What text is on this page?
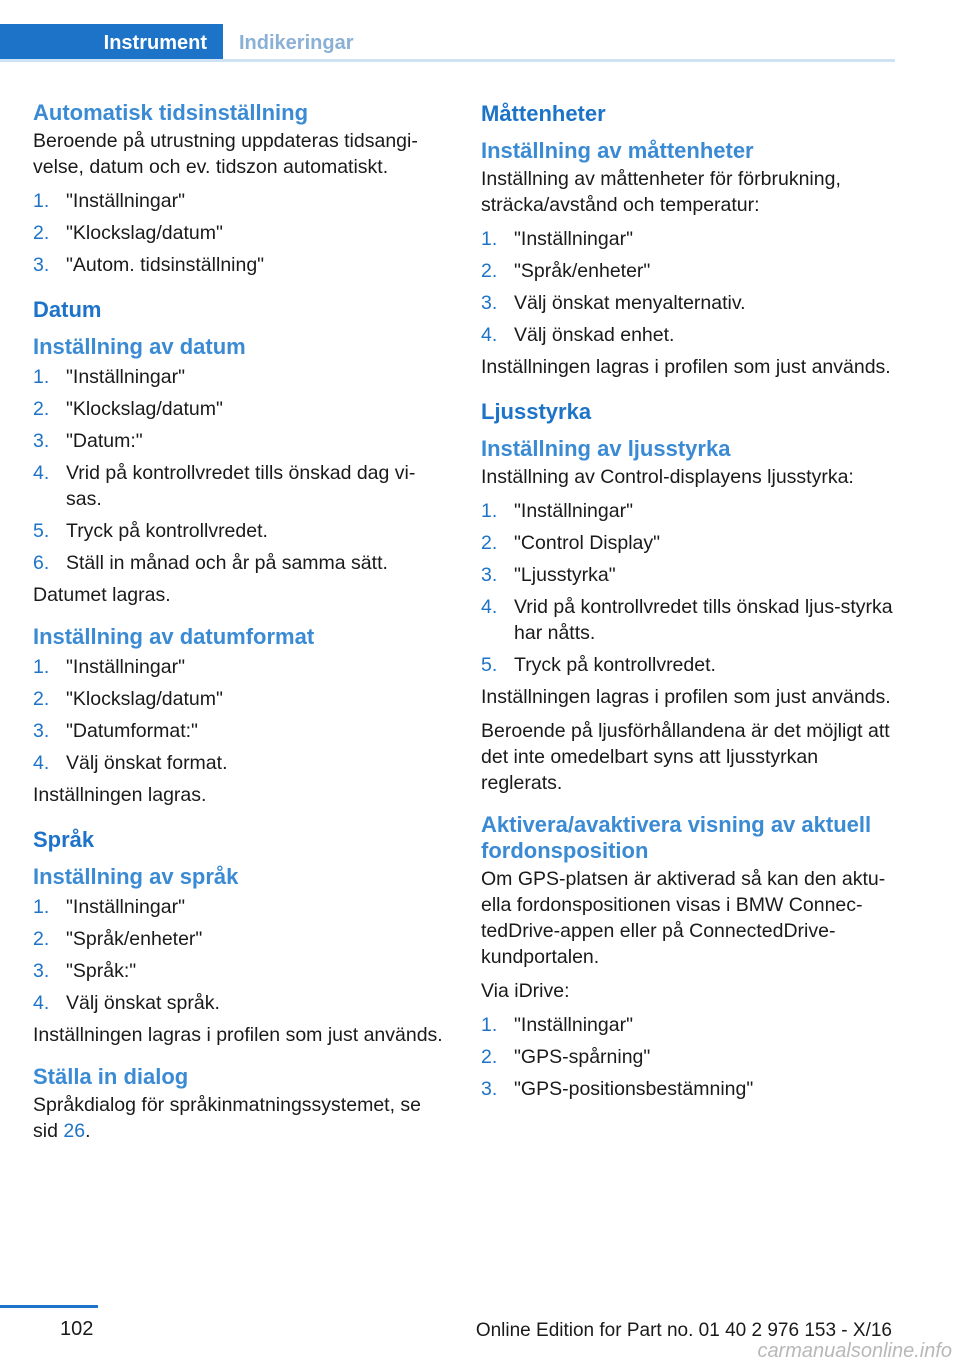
Instrument	Indikeringar
Automatisk tidsinställning

Beroende på utrustning uppdateras tidsangi‐velse, datum och ev. tidszon automatiskt.

1. "Inställningar"
2. "Klockslag/datum"
3. "Autom. tidsinställning"
Datum
Inställning av datum
1. "Inställningar"
2. "Klockslag/datum"
3. "Datum:"
4. Vrid på kontrollvredet tills önskad dag vi‐sas.
5. Tryck på kontrollvredet.
6. Ställ in månad och år på samma sätt.

Datumet lagras.

Inställning av datumformat
1. "Inställningar"
2. "Klockslag/datum"
3. "Datumformat:"
4. Välj önskat format.

Inställningen lagras.

Språk
Inställning av språk
1. "Inställningar"
2. "Språk/enheter"
3. "Språk:"
4. Välj önskat språk.

Inställningen lagras i profilen som just används.

Ställa in dialog

Språkdialog för språkinmatningssystemet, se sid 26.

Måttenheter
Inställning av måttenheter

Inställning av måttenheter för förbrukning, sträcka/avstånd och temperatur:

1. "Inställningar"
2. "Språk/enheter"
3. Välj önskat menyalternativ.
4. Välj önskad enhet.

Inställningen lagras i profilen som just används.

Ljusstyrka
Inställning av ljusstyrka

Inställning av Control-displayens ljusstyrka:

1. "Inställningar"
2. "Control Display"
3. "Ljusstyrka"
4. Vrid på kontrollvredet tills önskad ljus‐styrka har nåtts.
5. Tryck på kontrollvredet.

Inställningen lagras i profilen som just används.

Beroende på ljusförhållandena är det möjligt att det inte omedelbart syns att ljusstyrkan reglerats.

Aktivera/avaktivera visning av aktuell fordonsposition

Om GPS-platsen är aktiverad så kan den aktu‐ella fordonspositionen visas i BMW Connec‐tedDrive-appen eller på ConnectedDrive-kundportalen.

Via iDrive:

1. "Inställningar"
2. "GPS-spårning"
3. "GPS-positionsbestämning"
102	Online Edition for Part no. 01 40 2 976 153 - X/16
carmanualsonline.info
